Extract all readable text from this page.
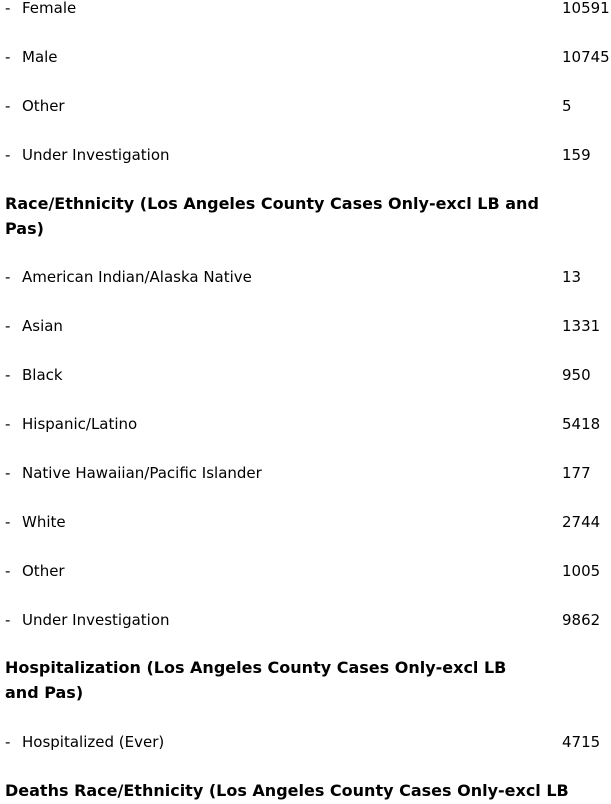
- Female	10591
- Male	10745
- Other	5
- Under Investigation	159
Race/Ethnicity (Los Angeles County Cases Only-excl LB and Pas)
- American Indian/Alaska Native	13
- Asian	1331
- Black	950
- Hispanic/Latino	5418
- Native Hawaiian/Pacific Islander	177
- White	2744
- Other	1005
- Under Investigation	9862
Hospitalization (Los Angeles County Cases Only-excl LB and Pas)
- Hospitalized (Ever)	4715
Deaths Race/Ethnicity (Los Angeles County Cases Only-excl LB
